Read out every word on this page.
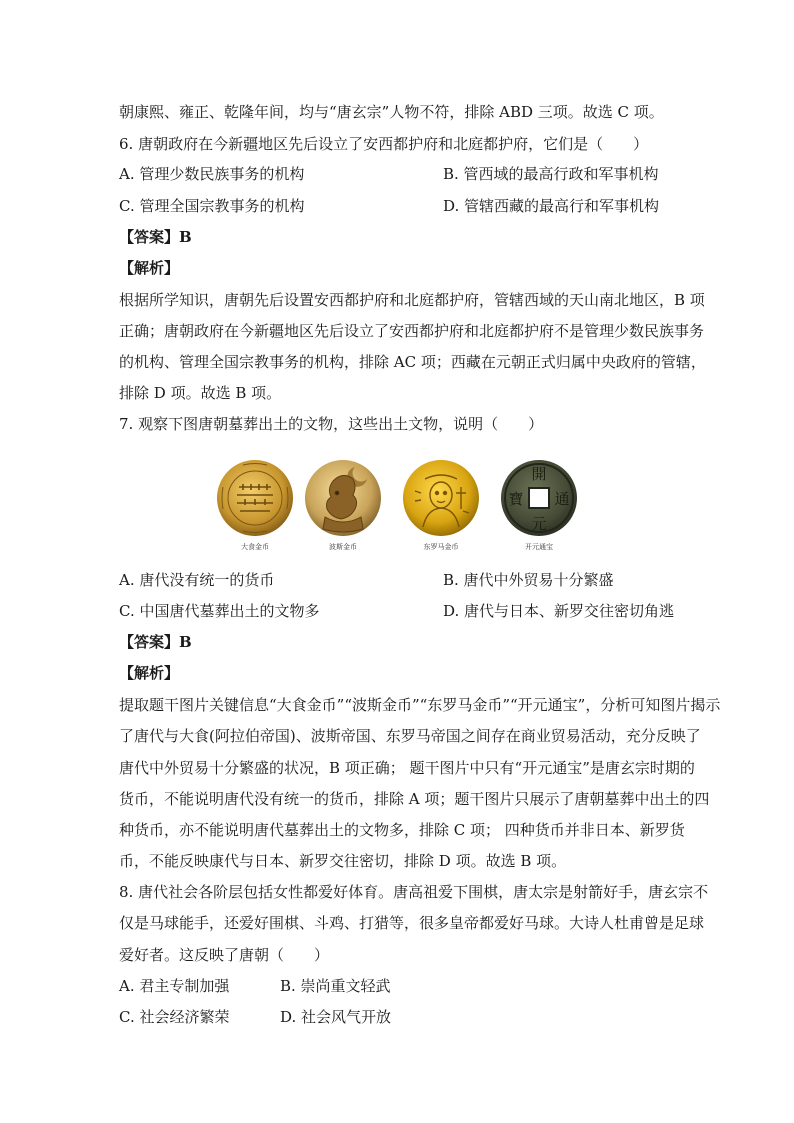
朝康熙、雍正、乾隆年间，均与“唐玄宗”人物不符，排除 ABD 三项。故选 C 项。
6. 唐朝政府在今新疆地区先后设立了安西都护府和北庭都护府，它们是（　　）
A. 管理少数民族事务的机构	B. 管西域的最高行政和军事机构
C. 管理全国宗教事务的机构	D. 管辖西藏的最高行和军事机构
【答案】B
【解析】
根据所学知识，唐朝先后设置安西都护府和北庭都护府，管辖西域的天山南北地区，B 项
正确；唐朝政府在今新疆地区先后设立了安西都护府和北庭都护府不是管理少数民族事务
的机构、管理全国宗教事务的机构，排除 AC 项；西藏在元朝正式归属中央政府的管辖，
排除 D 项。故选 B 项。
7. 观察下图唐朝墓葬出土的文物，这些出土文物，说明（　　）
大食金币	波斯金币	东罗马金币
開
元
通
寶
开元通宝
A. 唐代没有统一的货币	B. 唐代中外贸易十分繁盛
C. 中国唐代墓葬出土的文物多	D. 唐代与日本、新罗交往密切角逃
【答案】B
【解析】
提取题干图片关键信息“大食金币”“波斯金币”“东罗马金币”“开元通宝”，分析可知图片揭示
了唐代与大食(阿拉伯帝国)、波斯帝国、东罗马帝国之间存在商业贸易活动，充分反映了
唐代中外贸易十分繁盛的状况，B 项正确； 题干图片中只有“开元通宝”是唐玄宗时期的
货币，不能说明唐代没有统一的货币，排除 A 项；题干图片只展示了唐朝墓葬中出土的四
种货币，亦不能说明唐代墓葬出土的文物多，排除 C 项； 四种货币并非日本、新罗货
币，不能反映康代与日本、新罗交往密切，排除 D 项。故选 B 项。
8. 唐代社会各阶层包括女性都爱好体育。唐高祖爱下围棋，唐太宗是射箭好手，唐玄宗不
仅是马球能手，还爱好围棋、斗鸡、打猎等，很多皇帝都爱好马球。大诗人杜甫曾是足球
爱好者。这反映了唐朝（　　）
A. 君主专制加强	B. 崇尚重文轻武
C. 社会经济繁荣	D. 社会风气开放
